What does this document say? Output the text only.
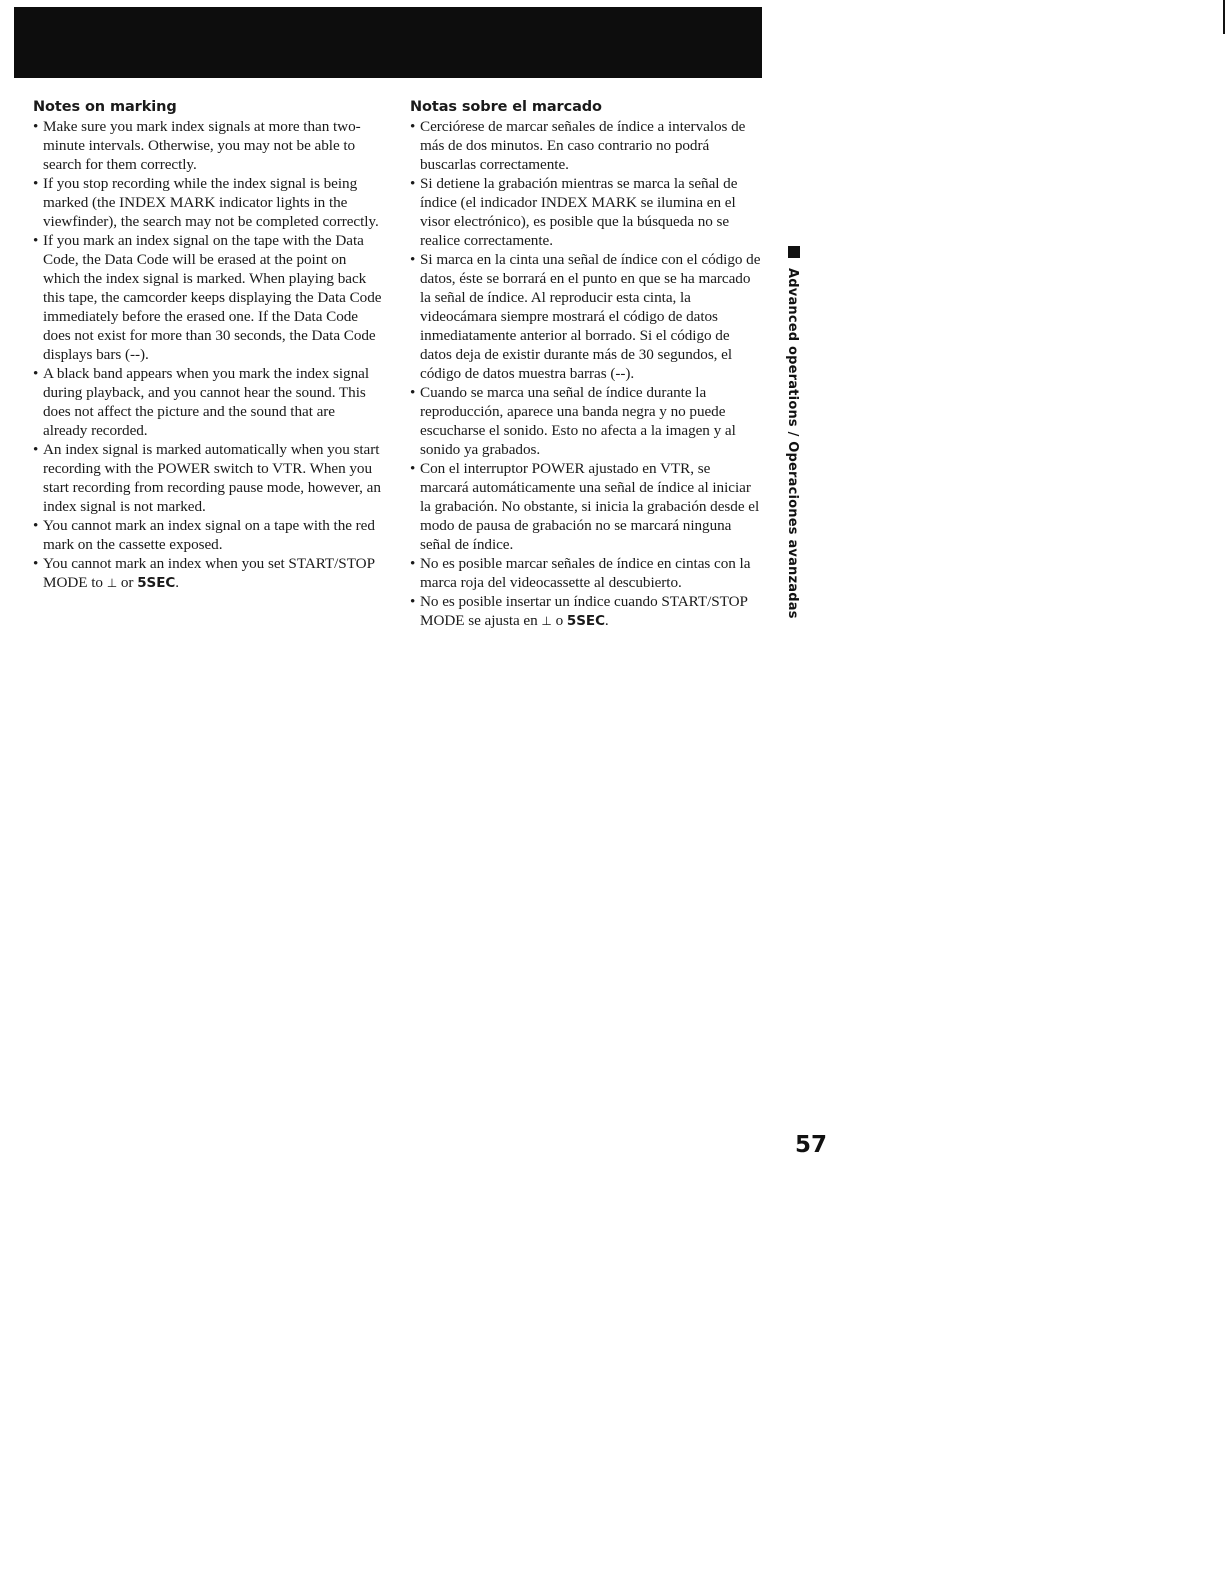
Notes on marking
• Make sure you mark index signals at more than two-minute intervals. Otherwise, you may not be able to search for them correctly.
• If you stop recording while the index signal is being marked (the INDEX MARK indicator lights in the viewfinder), the search may not be completed correctly.
• If you mark an index signal on the tape with the Data Code, the Data Code will be erased at the point on which the index signal is marked. When playing back this tape, the camcorder keeps displaying the Data Code immediately before the erased one. If the Data Code does not exist for more than 30 seconds, the Data Code displays bars (--).
• A black band appears when you mark the index signal during playback, and you cannot hear the sound. This does not affect the picture and the sound that are already recorded.
• An index signal is marked automatically when you start recording with the POWER switch to VTR. When you start recording from recording pause mode, however, an index signal is not marked.
• You cannot mark an index signal on a tape with the red mark on the cassette exposed.
• You cannot mark an index when you set START/STOP MODE to ⊥ or 5SEC.
Notas sobre el marcado
• Cerciórese de marcar señales de índice a intervalos de más de dos minutos. En caso contrario no podrá buscarlas correctamente.
• Si detiene la grabación mientras se marca la señal de índice (el indicador INDEX MARK se ilumina en el visor electrónico), es posible que la búsqueda no se realice correctamente.
• Si marca en la cinta una señal de índice con el código de datos, éste se borrará en el punto en que se ha marcado la señal de índice. Al reproducir esta cinta, la videocámara siempre mostrará el código de datos inmediatamente anterior al borrado. Si el código de datos deja de existir durante más de 30 segundos, el código de datos muestra barras (--).
• Cuando se marca una señal de índice durante la reproducción, aparece una banda negra y no puede escucharse el sonido. Esto no afecta a la imagen y al sonido ya grabados.
• Con el interruptor POWER ajustado en VTR, se marcará automáticamente una señal de índice al iniciar la grabación. No obstante, si inicia la grabación desde el modo de pausa de grabación no se marcará ninguna señal de índice.
• No es posible marcar señales de índice en cintas con la marca roja del videocassette al descubierto.
• No es posible insertar un índice cuando START/STOP MODE se ajusta en ⊥ o 5SEC.
Advanced operations / Operaciones avanzadas
57
